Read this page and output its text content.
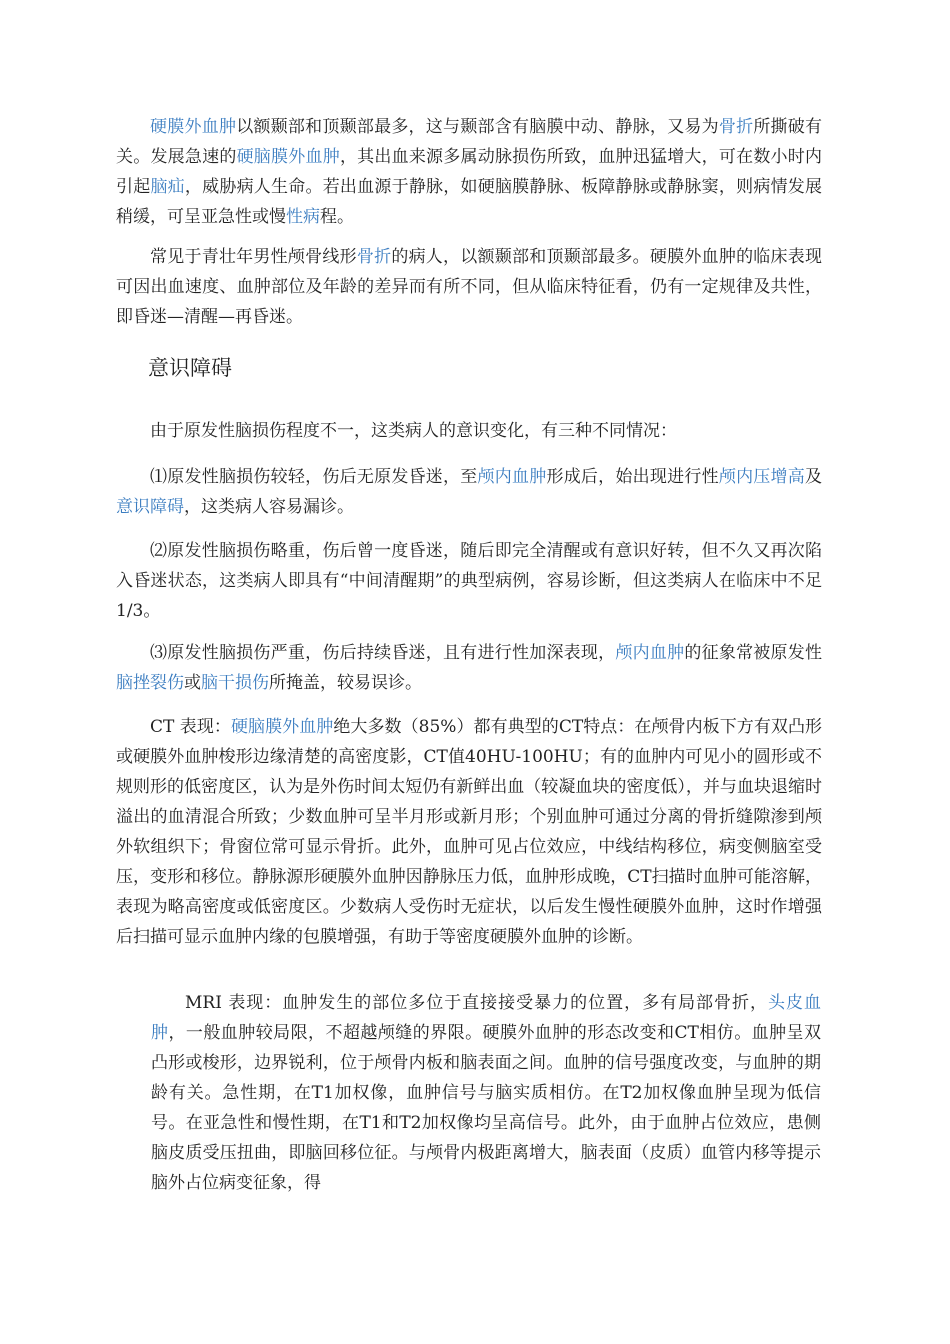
硬膜外血肿以额颞部和顶颞部最多，这与颞部含有脑膜中动、静脉，又易为骨折所撕破有关。发展急速的硬脑膜外血肿，其出血来源多属动脉损伤所致，血肿迅猛增大，可在数小时内引起脑疝，威胁病人生命。若出血源于静脉，如硬脑膜静脉、板障静脉或静脉窦，则病情发展稍缓，可呈亚急性或慢性病程。

常见于青壮年男性颅骨线形骨折的病人，以额颞部和顶颞部最多。硬膜外血肿的临床表现可因出血速度、血肿部位及年龄的差异而有所不同，但从临床特征看，仍有一定规律及共性，即昏迷—清醒—再昏迷。

意识障碍

由于原发性脑损伤程度不一，这类病人的意识变化，有三种不同情况：

⑴原发性脑损伤较轻，伤后无原发昏迷，至颅内血肿形成后，始出现进行性颅内压增高及意识障碍，这类病人容易漏诊。

⑵原发性脑损伤略重，伤后曾一度昏迷，随后即完全清醒或有意识好转，但不久又再次陷入昏迷状态，这类病人即具有“中间清醒期”的典型病例，容易诊断，但这类病人在临床中不足1/3。

⑶原发性脑损伤严重，伤后持续昏迷，且有进行性加深表现，颅内血肿的征象常被原发性脑挫裂伤或脑干损伤所掩盖，较易误诊。

CT 表现：硬脑膜外血肿绝大多数（85%）都有典型的CT特点：在颅骨内板下方有双凸形或硬膜外血肿梭形边缘清楚的高密度影，CT值40HU-100HU；有的血肿内可见小的圆形或不规则形的低密度区，认为是外伤时间太短仍有新鲜出血（较凝血块的密度低），并与血块退缩时溢出的血清混合所致；少数血肿可呈半月形或新月形；个别血肿可通过分离的骨折缝隙渗到颅外软组织下；骨窗位常可显示骨折。此外，血肿可见占位效应，中线结构移位，病变侧脑室受压，变形和移位。静脉源形硬膜外血肿因静脉压力低，血肿形成晚，CT扫描时血肿可能溶解，表现为略高密度或低密度区。少数病人受伤时无症状，以后发生慢性硬膜外血肿，这时作增强后扫描可显示血肿内缘的包膜增强，有助于等密度硬膜外血肿的诊断。

MRI 表现：血肿发生的部位多位于直接接受暴力的位置，多有局部骨折，头皮血肿，一般血肿较局限，不超越颅缝的界限。硬膜外血肿的形态改变和CT相仿。血肿呈双凸形或梭形，边界锐利，位于颅骨内板和脑表面之间。血肿的信号强度改变，与血肿的期龄有关。急性期，在T1加权像，血肿信号与脑实质相仿。在T2加权像血肿呈现为低信号。在亚急性和慢性期，在T1和T2加权像均呈高信号。此外，由于血肿占位效应，患侧脑皮质受压扭曲，即脑回移位征。与颅骨内极距离增大，脑表面（皮质）血管内移等提示脑外占位病变征象，得
